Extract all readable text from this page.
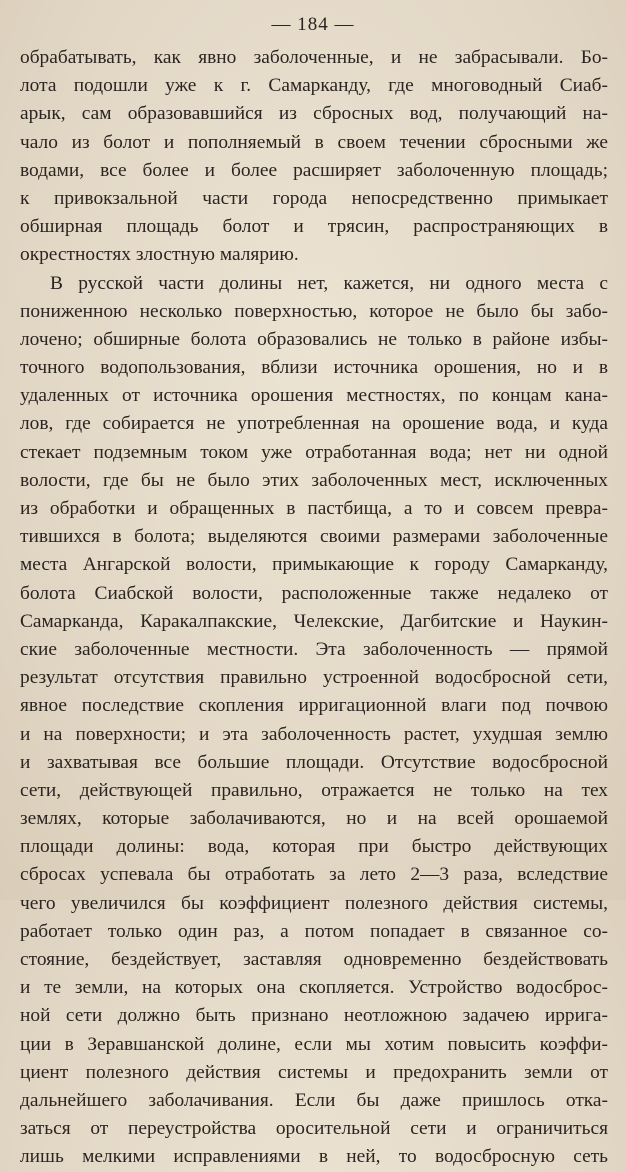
— 184 —
обрабатывать, как явно заболоченные, и не забрасывали. Бо-
лота подошли уже к г. Самарканду, где многоводный Сиаб-
арык, сам образовавшийся из сбросных вод, получающий на-
чало из болот и пополняемый в своем течении сбросными же
водами, все более и более расширяет заболоченную площадь;
к привокзальной части города непосредственно примыкает
обширная площадь болот и трясин, распространяющих в
окрестностях злостную малярию.
В русской части долины нет, кажется, ни одного места с
пониженною несколько поверхностью, которое не было бы забо-
лочено; обширные болота образовались не только в районе избы-
точного водопользования, вблизи источника орошения, но и в
удаленных от источника орошения местностях, по концам кана-
лов, где собирается не употребленная на орошение вода, и куда
стекает подземным током уже отработанная вода; нет ни одной
волости, где бы не было этих заболоченных мест, исключенных
из обработки и обращенных в пастбища, а то и совсем превра-
тившихся в болота; выделяются своими размерами заболоченные
места Ангарской волости, примыкающие к городу Самарканду,
болота Сиабской волости, расположенные также недалеко от
Самарканда, Каракалпакские, Челекские, Дагбитские и Наукин-
ские заболоченные местности. Эта заболоченность — прямой
результат отсутствия правильно устроенной водосбросной сети,
явное последствие скопления ирригационной влаги под почвою
и на поверхности; и эта заболоченность растет, ухудшая землю
и захватывая все большие площади. Отсутствие водосбросной
сети, действующей правильно, отражается не только на тех
землях, которые заболачиваются, но и на всей орошаемой
площади долины: вода, которая при быстро действующих
сбросах успевала бы отработать за лето 2—3 раза, вследствие
чего увеличился бы коэффициент полезного действия системы,
работает только один раз, а потом попадает в связанное со-
стояние, бездействует, заставляя одновременно бездействовать
и те земли, на которых она скопляется. Устройство водосброс-
ной сети должно быть признано неотложною задачею ирригa-
ции в Зеравшанской долине, если мы хотим повысить коэффи-
циент полезного действия системы и предохранить земли от
дальнейшего заболачивания. Если бы даже пришлось отка-
заться от переустройства оросительной сети и ограничиться
лишь мелкими исправлениями в ней, то водосбросную сеть
